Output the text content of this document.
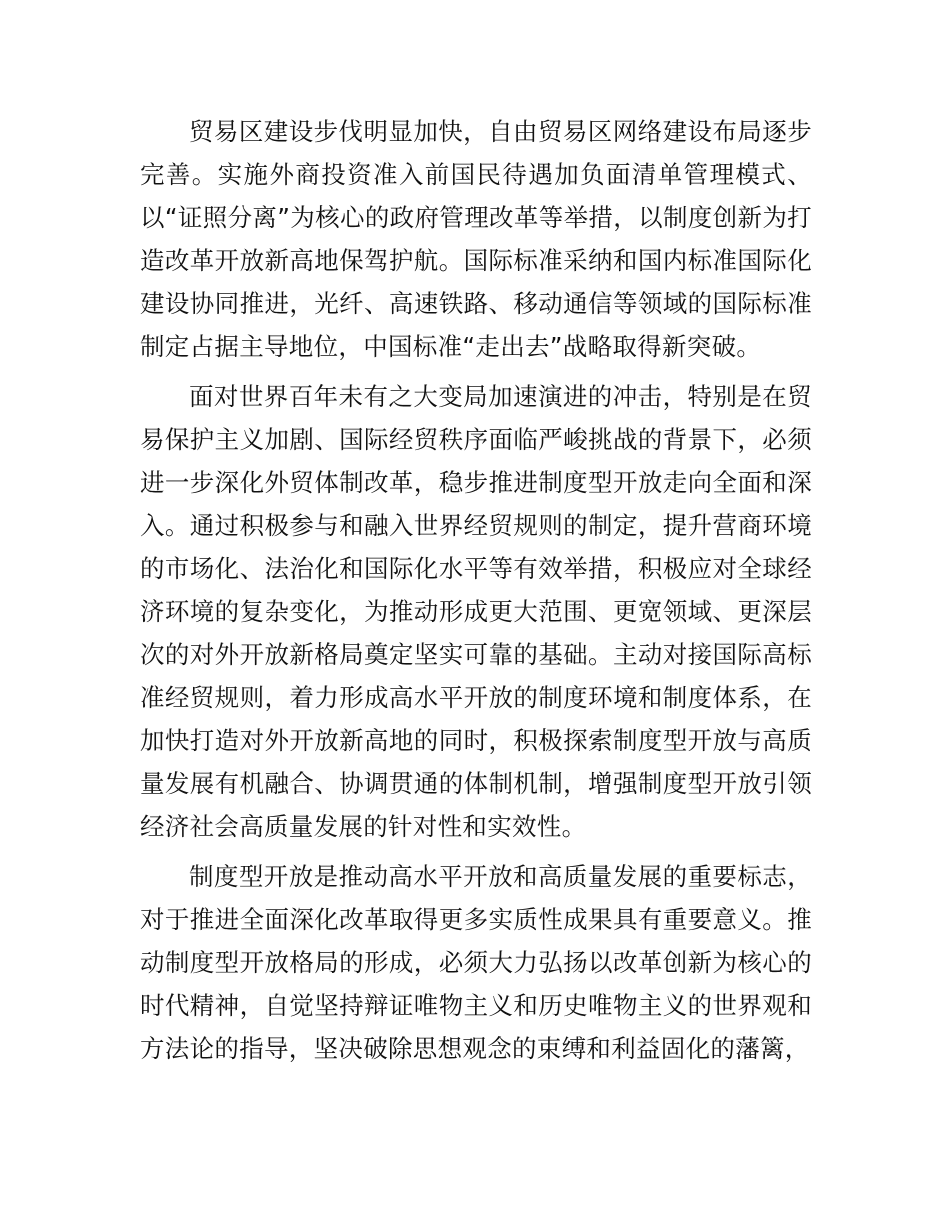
贸易区建设步伐明显加快，自由贸易区网络建设布局逐步完善。实施外商投资准入前国民待遇加负面清单管理模式、以“证照分离”为核心的政府管理改革等举措，以制度创新为打造改革开放新高地保驾护航。国际标准采纳和国内标准国际化建设协同推进，光纤、高速铁路、移动通信等领域的国际标准制定占据主导地位，中国标准“走出去”战略取得新突破。

面对世界百年未有之大变局加速演进的冲击，特别是在贸易保护主义加剧、国际经贸秩序面临严峻挑战的背景下，必须进一步深化外贸体制改革，稳步推进制度型开放走向全面和深入。通过积极参与和融入世界经贸规则的制定，提升营商环境的市场化、法治化和国际化水平等有效举措，积极应对全球经济环境的复杂变化，为推动形成更大范围、更宽领域、更深层次的对外开放新格局奠定坚实可靠的基础。主动对接国际高标准经贸规则，着力形成高水平开放的制度环境和制度体系，在加快打造对外开放新高地的同时，积极探索制度型开放与高质量发展有机融合、协调贯通的体制机制，增强制度型开放引领经济社会高质量发展的针对性和实效性。

制度型开放是推动高水平开放和高质量发展的重要标志，对于推进全面深化改革取得更多实质性成果具有重要意义。推动制度型开放格局的形成，必须大力弘扬以改革创新为核心的时代精神，自觉坚持辩证唯物主义和历史唯物主义的世界观和方法论的指导，坚决破除思想观念的束缚和利益固化的藩篱，
